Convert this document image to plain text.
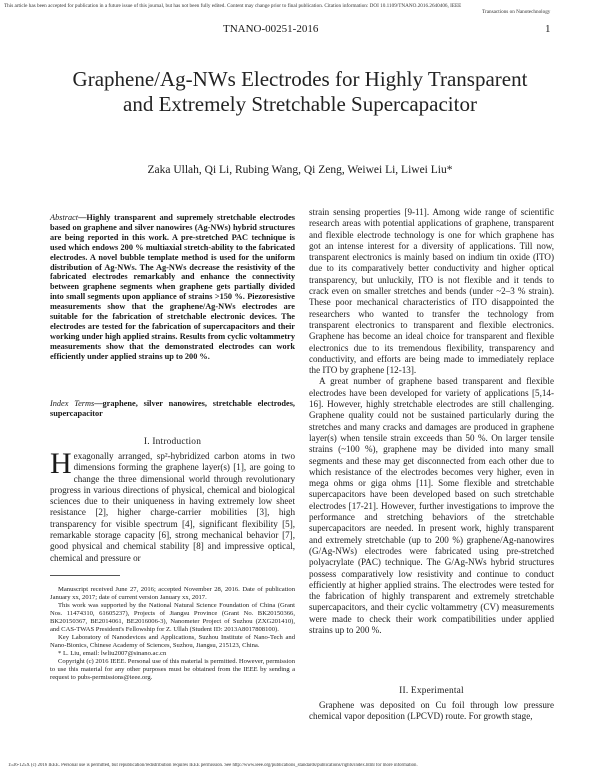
This article has been accepted for publication in a future issue of this journal, but has not been fully edited. Content may change prior to final publication. Citation information: DOI 10.1109/TNANO.2016.2640406, IEEE
Transactions on Nanotechnology
TNANO-00251-2016	1
Graphene/Ag-NWs Electrodes for Highly Transparent and Extremely Stretchable Supercapacitor
Zaka Ullah, Qi Li, Rubing Wang, Qi Zeng, Weiwei Li, Liwei Liu*
Abstract—Highly transparent and supremely stretchable electrodes based on graphene and silver nanowires (Ag-NWs) hybrid structures are being reported in this work. A pre-stretched PAC technique is used which endows 200 % multiaxial stretch-ability to the fabricated electrodes. A novel bubble template method is used for the uniform distribution of Ag-NWs. The Ag-NWs decrease the resistivity of the fabricated electrodes remarkably and enhance the connectivity between graphene segments when graphene gets partially divided into small segments upon appliance of strains >150 %. Piezoresistive measurements show that the graphene/Ag-NWs electrodes are suitable for the fabrication of stretchable electronic devices. The electrodes are tested for the fabrication of supercapacitors and their working under high applied strains. Results from cyclic voltammetry measurements show that the demonstrated electrodes can work efficiently under applied strains up to 200 %.
Index Terms—graphene, silver nanowires, stretchable electrodes, supercapacitor
I. Introduction
Hexagonally arranged, sp²-hybridized carbon atoms in two dimensions forming the graphene layer(s) [1], are going to change the three dimensional world through revolutionary progress in various directions of physical, chemical and biological sciences due to their uniqueness in having extremely low sheet resistance [2], higher charge-carrier mobilities [3], high transparency for visible spectrum [4], significant flexibility [5], remarkable storage capacity [6], strong mechanical behavior [7], good physical and chemical stability [8] and impressive optical, chemical and pressure or

Manuscript received June 27, 2016; accepted November 28, 2016. Date of publication January xx, 2017; date of current version January xx, 2017.

This work was supported by the National Natural Science Foundation of China (Grant Nos. 11474310, 61605237), Projects of Jiangsu Province (Grant No. BK20150366, BK20150367, BE2014061, BE2016006-3), Nanometer Project of Suzhou (ZXG201410), and CAS-TWAS President's Fellowship for Z. Ullah (Student ID: 2013A8017808100).

Key Laboratory of Nanodevices and Applications, Suzhou Institute of Nano-Tech and Nano-Bionics, Chinese Academy of Sciences, Suzhou, Jiangsu, 215123, China.

* L. Liu, email: lwliu2007@sinano.ac.cn

Copyright (c) 2016 IEEE. Personal use of this material is permitted. However, permission to use this material for any other purposes must be obtained from the IEEE by sending a request to pubs-permissions@ieee.org.

strain sensing properties [9-11]. Among wide range of scientific research areas with potential applications of graphene, transparent and flexible electrode technology is one for which graphene has got an intense interest for a diversity of applications. Till now, transparent electronics is mainly based on indium tin oxide (ITO) due to its comparatively better conductivity and higher optical transparency, but unluckily, ITO is not flexible and it tends to crack even on smaller stretches and bends (under ~2–3 % strain). These poor mechanical characteristics of ITO disappointed the researchers who wanted to transfer the technology from transparent electronics to transparent and flexible electronics. Graphene has become an ideal choice for transparent and flexible electronics due to its tremendous flexibility, transparency and conductivity, and efforts are being made to immediately replace the ITO by graphene [12-13].

A great number of graphene based transparent and flexible electrodes have been developed for variety of applications [5,14-16]. However, highly stretchable electrodes are still challenging. Graphene quality could not be sustained particularly during the stretches and many cracks and damages are produced in graphene layer(s) when tensile strain exceeds than 50 %. On larger tensile strains (~100 %), graphene may be divided into many small segments and these may get disconnected from each other due to which resistance of the electrodes becomes very higher, even in mega ohms or giga ohms [11]. Some flexible and stretchable supercapacitors have been developed based on such stretchable electrodes [17-21]. However, further investigations to improve the performance and stretching behaviors of the stretchable supercapacitors are needed. In present work, highly transparent and extremely stretchable (up to 200 %) graphene/Ag-nanowires (G/Ag-NWs) electrodes were fabricated using pre-stretched polyacrylate (PAC) technique. The G/Ag-NWs hybrid structures possess comparatively low resistivity and continue to conduct efficiently at higher applied strains. The electrodes were tested for the fabrication of highly transparent and extremely stretchable supercapacitors, and their cyclic voltammetry (CV) measurements were made to check their work compatibilities under applied strains up to 200 %.

II. Experimental

Graphene was deposited on Cu foil through low pressure chemical vapor deposition (LPCVD) route. For growth stage,

1536-125X (c) 2016 IEEE. Personal use is permitted, but republication/redistribution requires IEEE permission. See http://www.ieee.org/publications_standards/publications/rights/index.html for more information.
